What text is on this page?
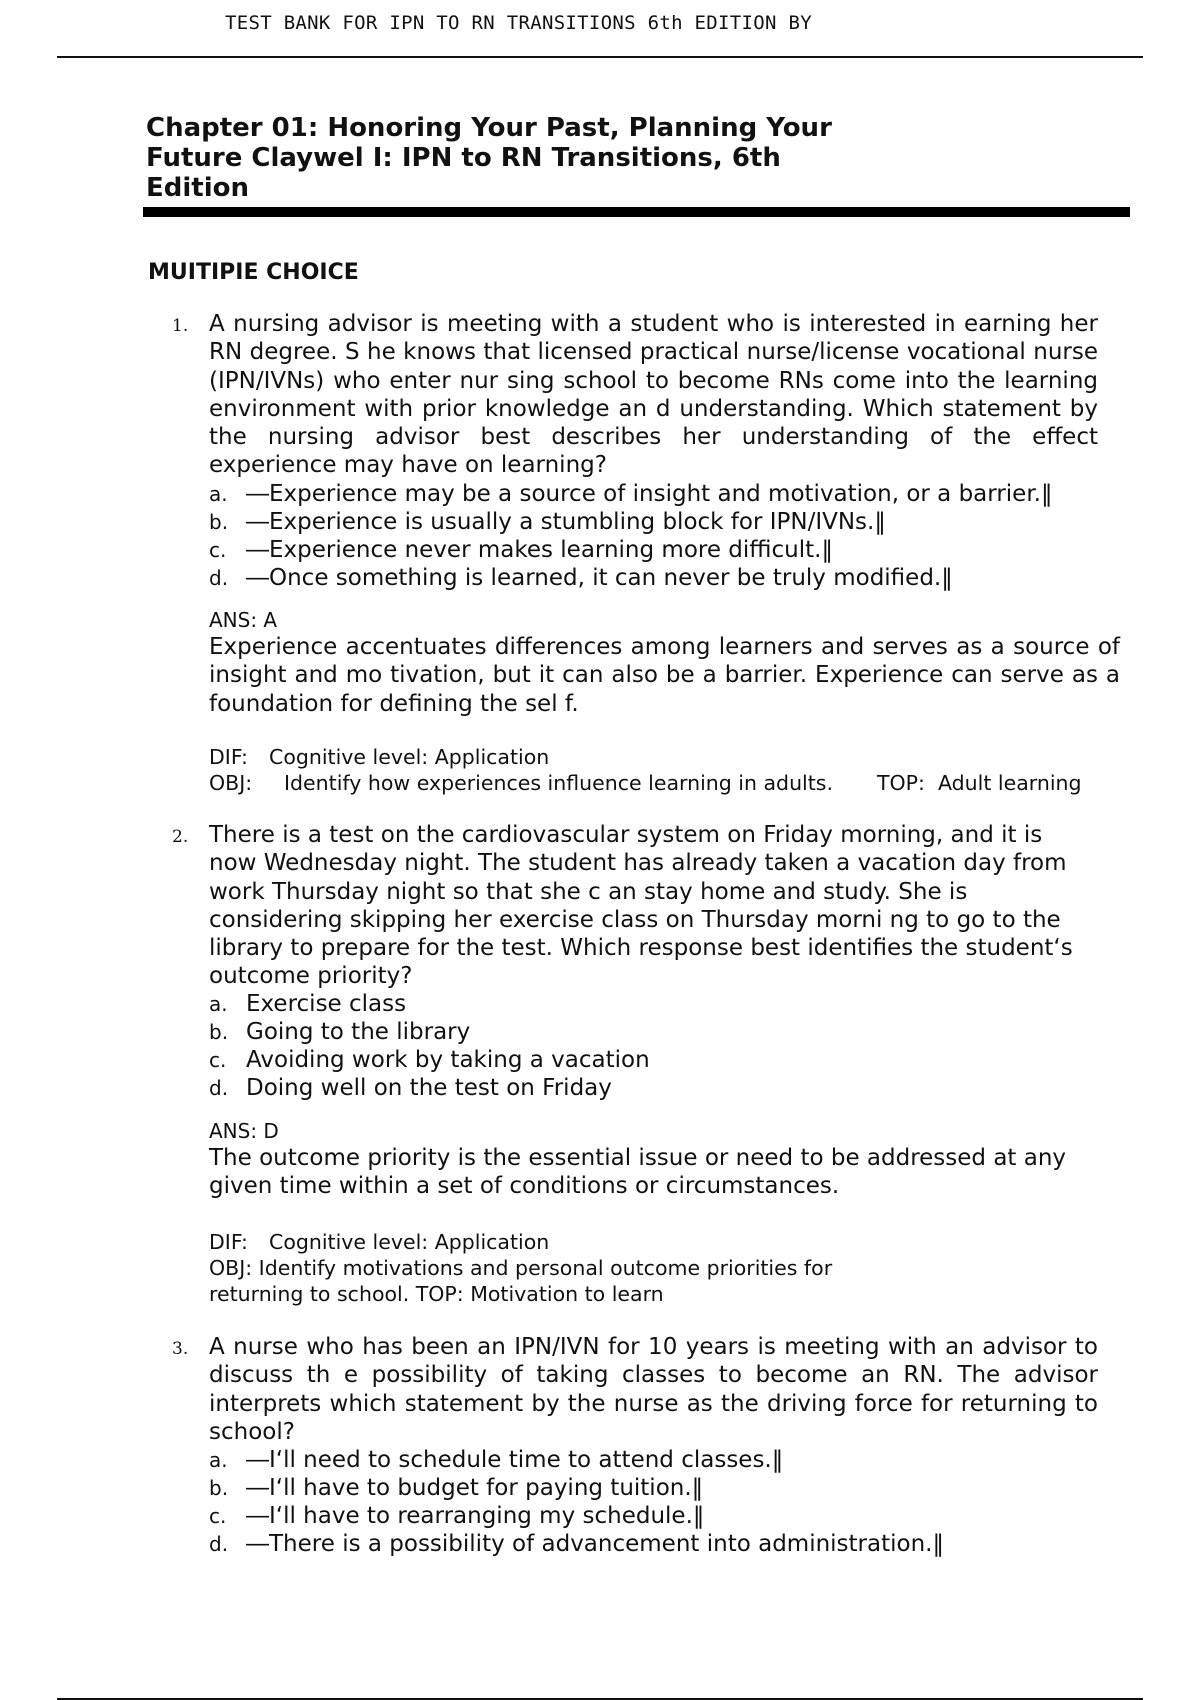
TEST BANK FOR IPN TO RN TRANSITIONS 6th EDITION BY
Chapter 01: Honoring Your Past, Planning Your Future Claywel I: IPN to RN Transitions, 6th Edition
MUITIPIE CHOICE
1. A nursing advisor is meeting with a student who is interested in earning her RN degree. S he knows that licensed practical nurse/license vocational nurse (IPN/IVNs) who enter nur sing school to become RNs come into the learning environment with prior knowledge an d understanding. Which statement by the nursing advisor best describes her understanding of the effect experience may have on learning?

a. ―Experience may be a source of insight and motivation, or a barrier.‖
b. ―Experience is usually a stumbling block for IPN/IVNs.‖
c. ―Experience never makes learning more difficult.‖
d. ―Once something is learned, it can never be truly modified.‖

ANS: A

Experience accentuates differences among learners and serves as a source of insight and mo tivation, but it can also be a barrier. Experience can serve as a foundation for defining the sel f.

DIF: Cognitive level: Application

OBJ: Identify how experiences influence learning in adults. TOP: Adult learning

2. There is a test on the cardiovascular system on Friday morning, and it is now Wednesday night. The student has already taken a vacation day from work Thursday night so that she c an stay home and study. She is considering skipping her exercise class on Thursday morni ng to go to the library to prepare for the test. Which response best identifies the student‘s outcome priority?

a. Exercise class
b. Going to the library
c. Avoiding work by taking a vacation
d. Doing well on the test on Friday

ANS: D

The outcome priority is the essential issue or need to be addressed at any given time within a set of conditions or circumstances.

DIF: Cognitive level: Application

OBJ: Identify motivations and personal outcome priorities for returning to school. TOP: Motivation to learn

3. A nurse who has been an IPN/IVN for 10 years is meeting with an advisor to discuss th e possibility of taking classes to become an RN. The advisor interprets which statement by the nurse as the driving force for returning to school?

a. ―I‘ll need to schedule time to attend classes.‖
b. ―I‘ll have to budget for paying tuition.‖
c. ―I‘ll have to rearranging my schedule.‖
d. ―There is a possibility of advancement into administration.‖
